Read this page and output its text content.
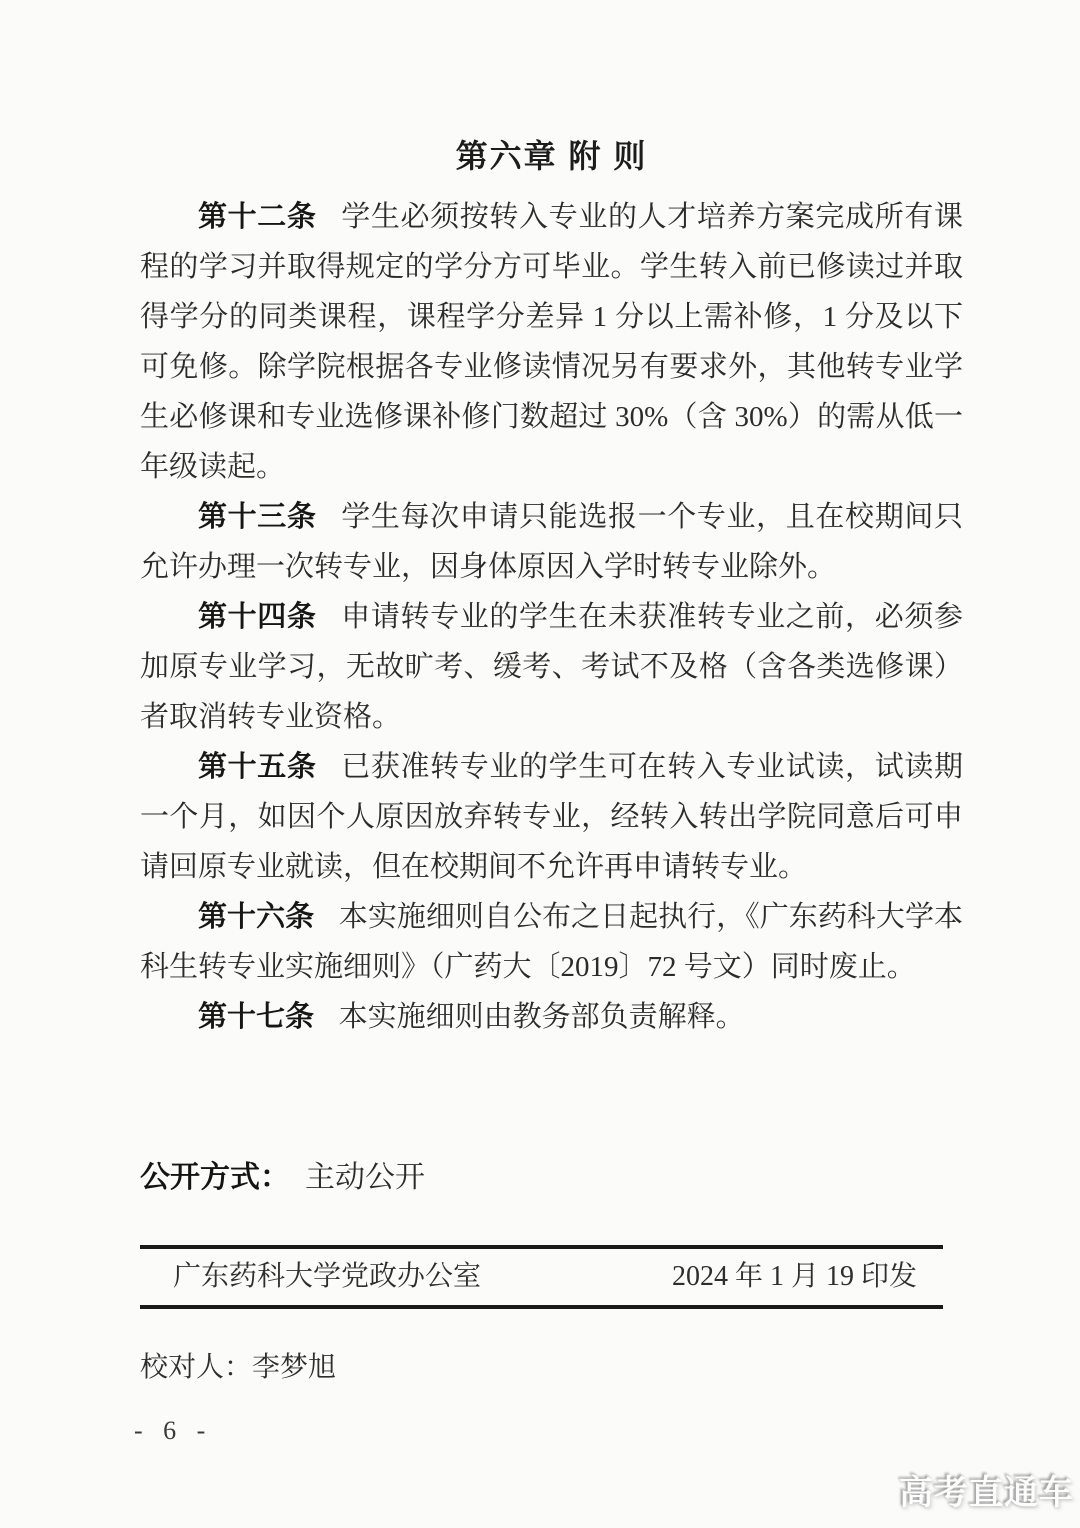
第六章 附 则

第十二条 学生必须按转入专业的人才培养方案完成所有课程的学习并取得规定的学分方可毕业。学生转入前已修读过并取得学分的同类课程，课程学分差异 1 分以上需补修，1 分及以下可免修。除学院根据各专业修读情况另有要求外，其他转专业学生必修课和专业选修课补修门数超过 30%（含 30%）的需从低一年级读起。

第十三条 学生每次申请只能选报一个专业，且在校期间只允许办理一次转专业，因身体原因入学时转专业除外。

第十四条 申请转专业的学生在未获准转专业之前，必须参加原专业学习，无故旷考、缓考、考试不及格（含各类选修课）者取消转专业资格。

第十五条 已获准转专业的学生可在转入专业试读，试读期一个月，如因个人原因放弃转专业，经转入转出学院同意后可申请回原专业就读，但在校期间不允许再申请转专业。

第十六条 本实施细则自公布之日起执行，《广东药科大学本科生转专业实施细则》（广药大〔2019〕72 号文）同时废止。

第十七条 本实施细则由教务部负责解释。

公开方式： 主动公开
广东药科大学党政办公室	2024 年 1 月 19 印发
校对人：李梦旭
- 6 -
高考直通车
